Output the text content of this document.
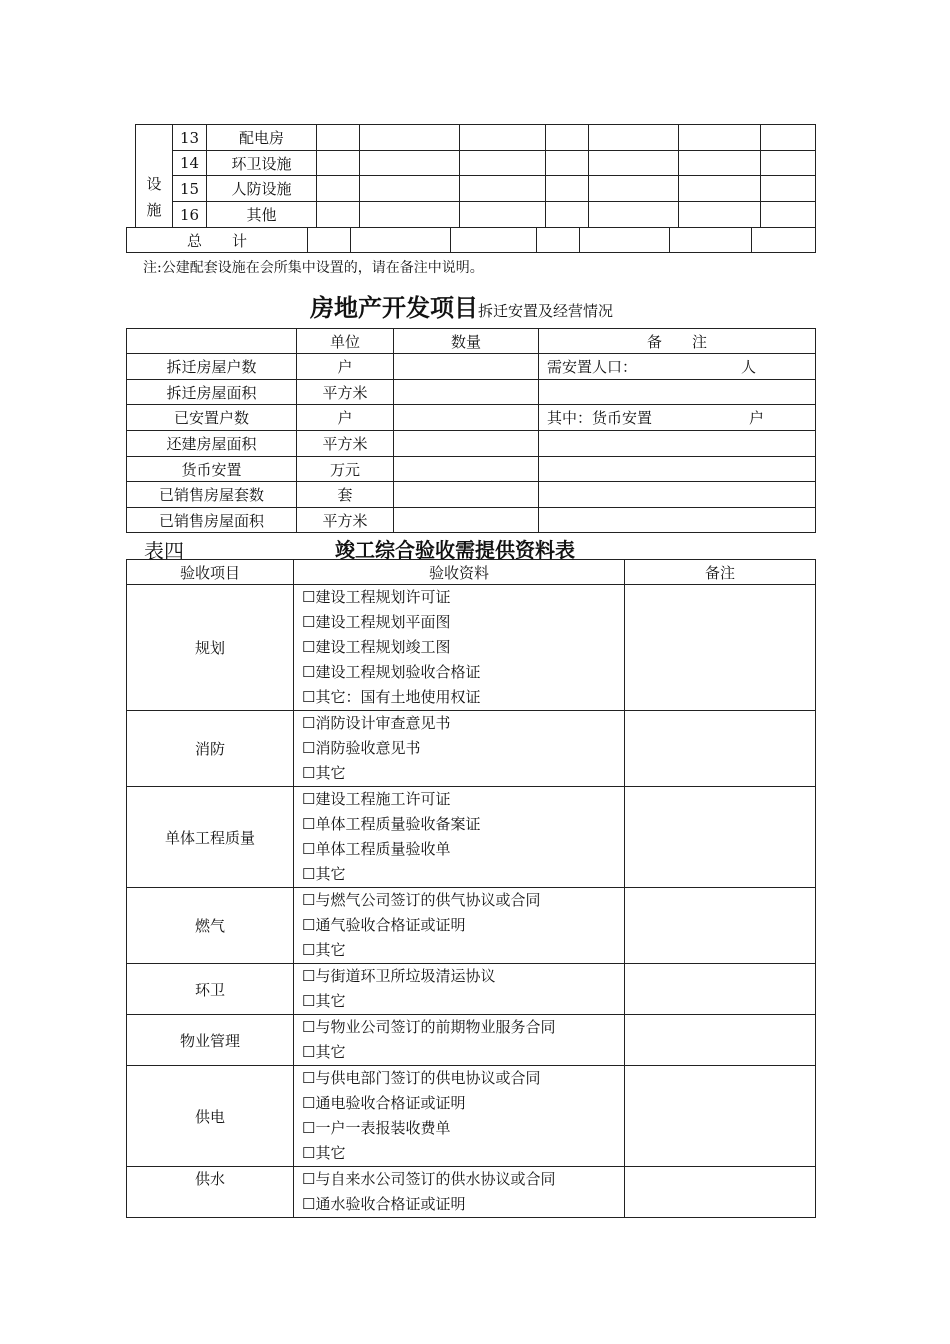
设
施	13	配电房							
	14	环卫设施							
	15	人防设施							
	16	其他							
总　　计							
注:公建配套设施在会所集中设置的，请在备注中说明。
房地产开发项目拆迁安置及经营情况
	单位	数量	备　　注
拆迁房屋户数	户		需安置人口： 人

拆迁房屋面积	平方米		
已安置户数	户		其中：货币安置 户

还建房屋面积	平方米		
货币安置	万元		
已销售房屋套数	套		
已销售房屋面积	平方米		
表四	竣工综合验收需提供资料表
验收项目	验收资料	备注
规划	☐建设工程规划许可证
☐建设工程规划平面图
☐建设工程规划竣工图
☐建设工程规划验收合格证
☐其它：国有土地使用权证	

消防	☐消防设计审查意见书
☐消防验收意见书
☐其它	

单体工程质量	☐建设工程施工许可证
☐单体工程质量验收备案证
☐单体工程质量验收单
☐其它	

燃气	☐与燃气公司签订的供气协议或合同
☐通气验收合格证或证明
☐其它	

环卫	☐与街道环卫所垃圾清运协议
☐其它	

物业管理	☐与物业公司签订的前期物业服务合同
☐其它	

供电	☐与供电部门签订的供电协议或合同
☐通电验收合格证或证明
☐一户一表报装收费单
☐其它	

供水	☐与自来水公司签订的供水协议或合同
☐通水验收合格证或证明	
